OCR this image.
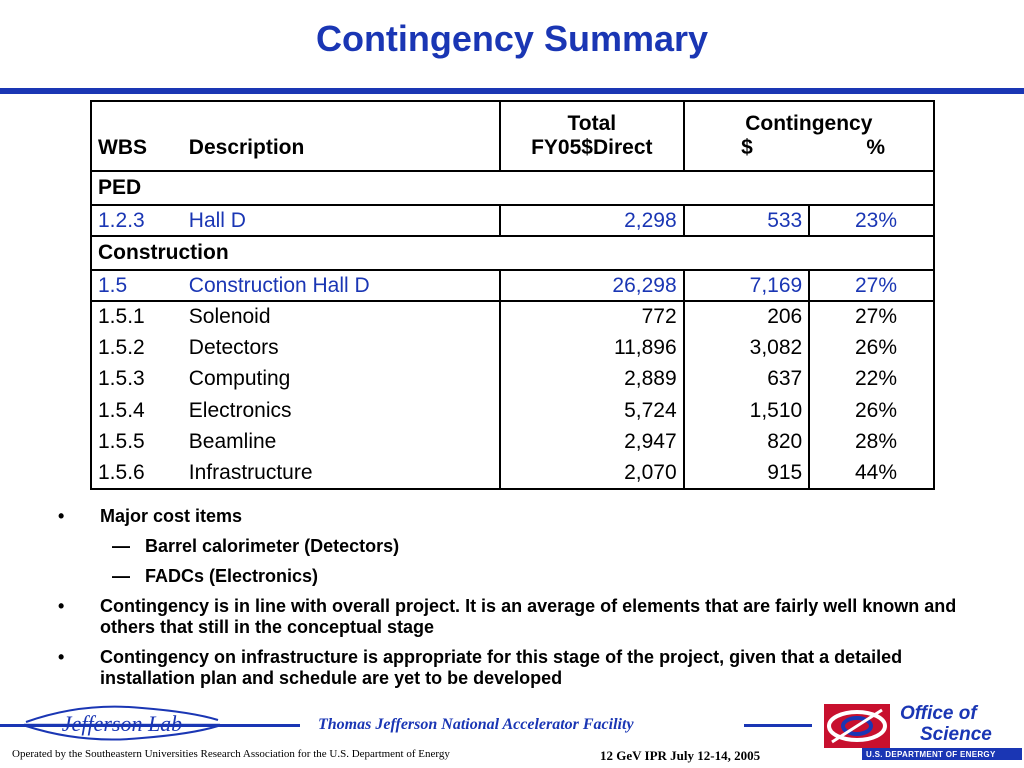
Contingency Summary
		Total	Contingency	
WBS	Description	FY05$Direct	$	%
PED				
1.2.3	Hall D	2,298	533	23%
Construction				
1.5	Construction Hall D	26,298	7,169	27%
1.5.1	Solenoid	772	206	27%
1.5.2	Detectors	11,896	3,082	26%
1.5.3	Computing	2,889	637	22%
1.5.4	Electronics	5,724	1,510	26%
1.5.5	Beamline	2,947	820	28%
1.5.6	Infrastructure	2,070	915	44%
• Major cost items
— Barrel calorimeter (Detectors)
— FADCs (Electronics)
• Contingency is in line with overall project. It is an average of elements that are fairly well known and others that still in the conceptual stage
• Contingency on infrastructure is appropriate for this stage of the project, given that a detailed installation plan and schedule are yet to be developed
Thomas Jefferson National Accelerator Facility
Operated by the Southeastern Universities Research Association for the U.S. Department of Energy	12 GeV IPR July 12-14, 2005
Office of
Science
U.S. DEPARTMENT OF ENERGY
